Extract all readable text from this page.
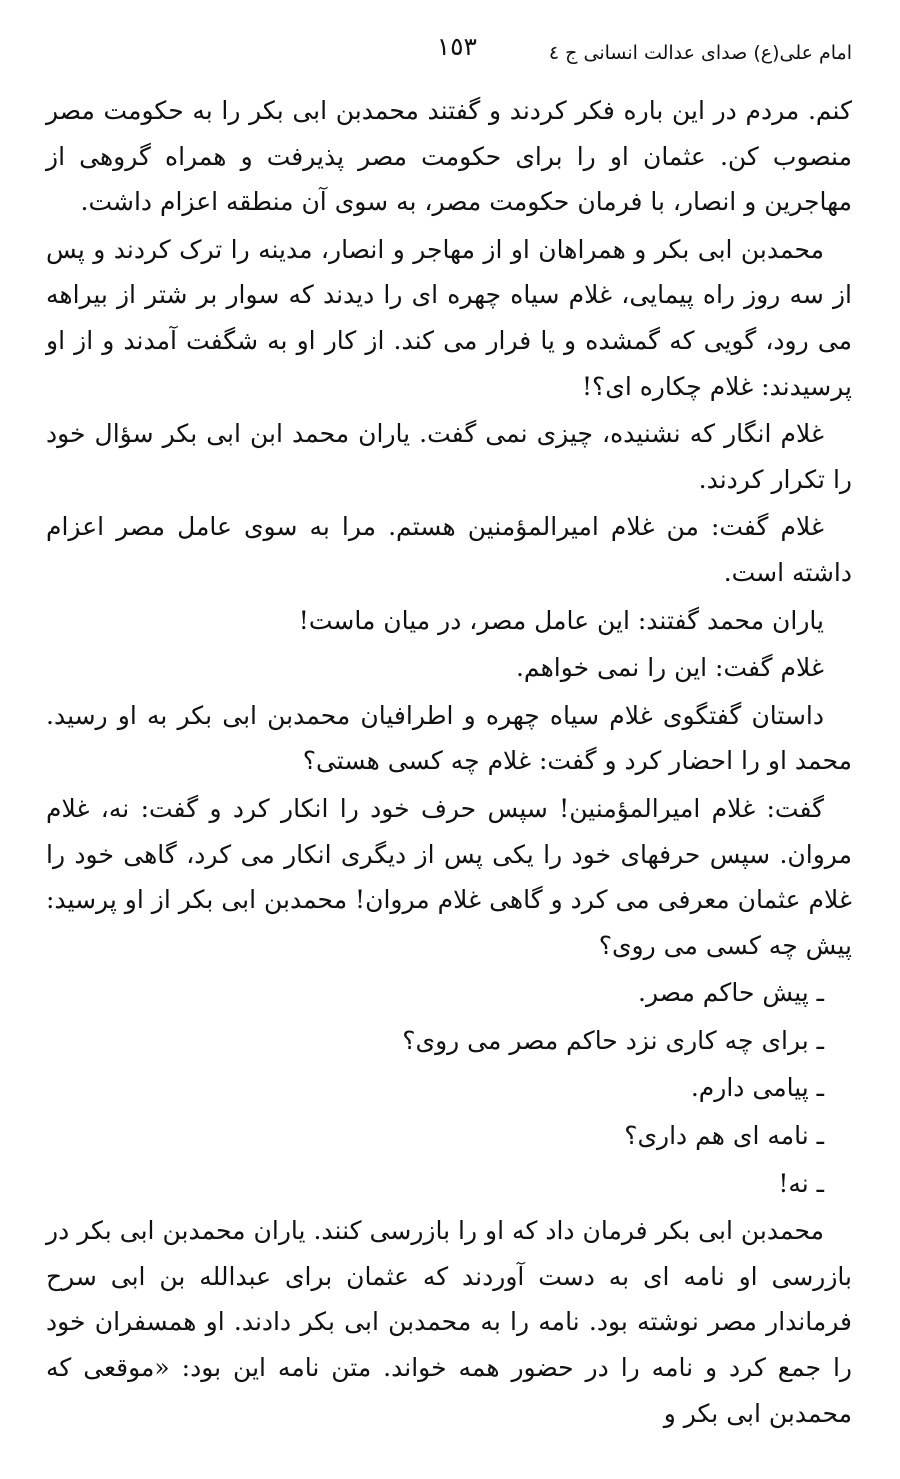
امام علی(ع) صدای عدالت انسانی ج ٤
١٥٣

کنم. مردم در این باره فکر کردند و گفتند محمدبن ابی بکر را به حکومت مصر منصوب کن. عثمان او را برای حکومت مصر پذیرفت و همراه گروهی از مهاجرین و انصار، با فرمان حکومت مصر، به سوی آن منطقه اعزام داشت.

محمدبن ابی بکر و همراهان او از مهاجر و انصار، مدینه را ترک کردند و پس از سه روز راه پیمایی، غلام سیاه چهره ای را دیدند که سوار بر شتر از بیراهه می رود، گویی که گمشده و یا فرار می کند. از کار او به شگفت آمدند و از او پرسیدند: غلام چکاره ای؟!

غلام انگار که نشنیده، چیزی نمی گفت. یاران محمد ابن ابی بکر سؤال خود را تکرار کردند.

غلام گفت: من غلام امیرالمؤمنین هستم. مرا به سوی عامل مصر اعزام داشته است.

یاران محمد گفتند: این عامل مصر، در میان ماست!

غلام گفت: این را نمی خواهم.

داستان گفتگوی غلام سیاه چهره و اطرافیان محمدبن ابی بکر به او رسید. محمد او را احضار کرد و گفت: غلام چه کسی هستی؟

گفت: غلام امیرالمؤمنین! سپس حرف خود را انکار کرد و گفت: نه، غلام مروان. سپس حرفهای خود را یکی پس از دیگری انکار می کرد، گاهی خود را غلام عثمان معرفی می کرد و گاهی غلام مروان! محمدبن ابی بکر از او پرسید: پیش چه کسی می روی؟

ـ پیش حاکم مصر.

ـ برای چه کاری نزد حاکم مصر می روی؟

ـ پیامی دارم.

ـ نامه ای هم داری؟

ـ نه!

محمدبن ابی بکر فرمان داد که او را بازرسی کنند. یاران محمدبن ابی بکر در بازرسی او نامه ای به دست آوردند که عثمان برای عبدالله بن ابی سرح فرماندار مصر نوشته بود. نامه را به محمدبن ابی بکر دادند. او همسفران خود را جمع کرد و نامه را در حضور همه خواند. متن نامه این بود: «موقعی که محمدبن ابی بکر و
